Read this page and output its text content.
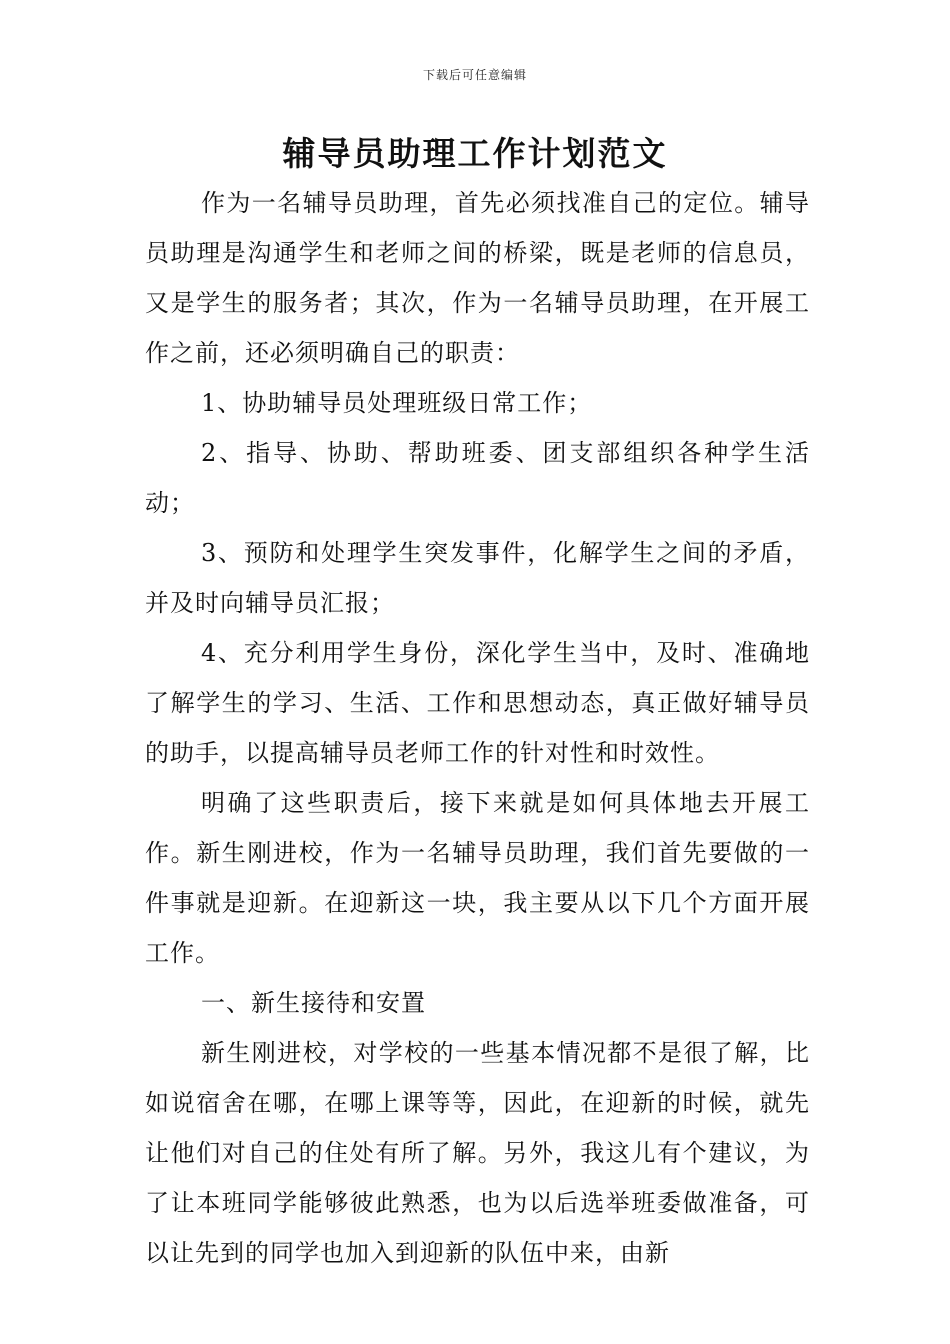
下载后可任意编辑
辅导员助理工作计划范文

作为一名辅导员助理，首先必须找准自己的定位。辅导员助理是沟通学生和老师之间的桥梁，既是老师的信息员，又是学生的服务者；其次，作为一名辅导员助理，在开展工作之前，还必须明确自己的职责：

1、协助辅导员处理班级日常工作；

2、指导、协助、帮助班委、团支部组织各种学生活动；

3、预防和处理学生突发事件，化解学生之间的矛盾，并及时向辅导员汇报；

4、充分利用学生身份，深化学生当中，及时、准确地了解学生的学习、生活、工作和思想动态，真正做好辅导员的助手，以提高辅导员老师工作的针对性和时效性。

明确了这些职责后，接下来就是如何具体地去开展工作。新生刚进校，作为一名辅导员助理，我们首先要做的一件事就是迎新。在迎新这一块，我主要从以下几个方面开展工作。

一、新生接待和安置

新生刚进校，对学校的一些基本情况都不是很了解，比如说宿舍在哪，在哪上课等等，因此，在迎新的时候，就先让他们对自己的住处有所了解。另外，我这儿有个建议，为了让本班同学能够彼此熟悉，也为以后选举班委做准备，可以让先到的同学也加入到迎新的队伍中来，由新
